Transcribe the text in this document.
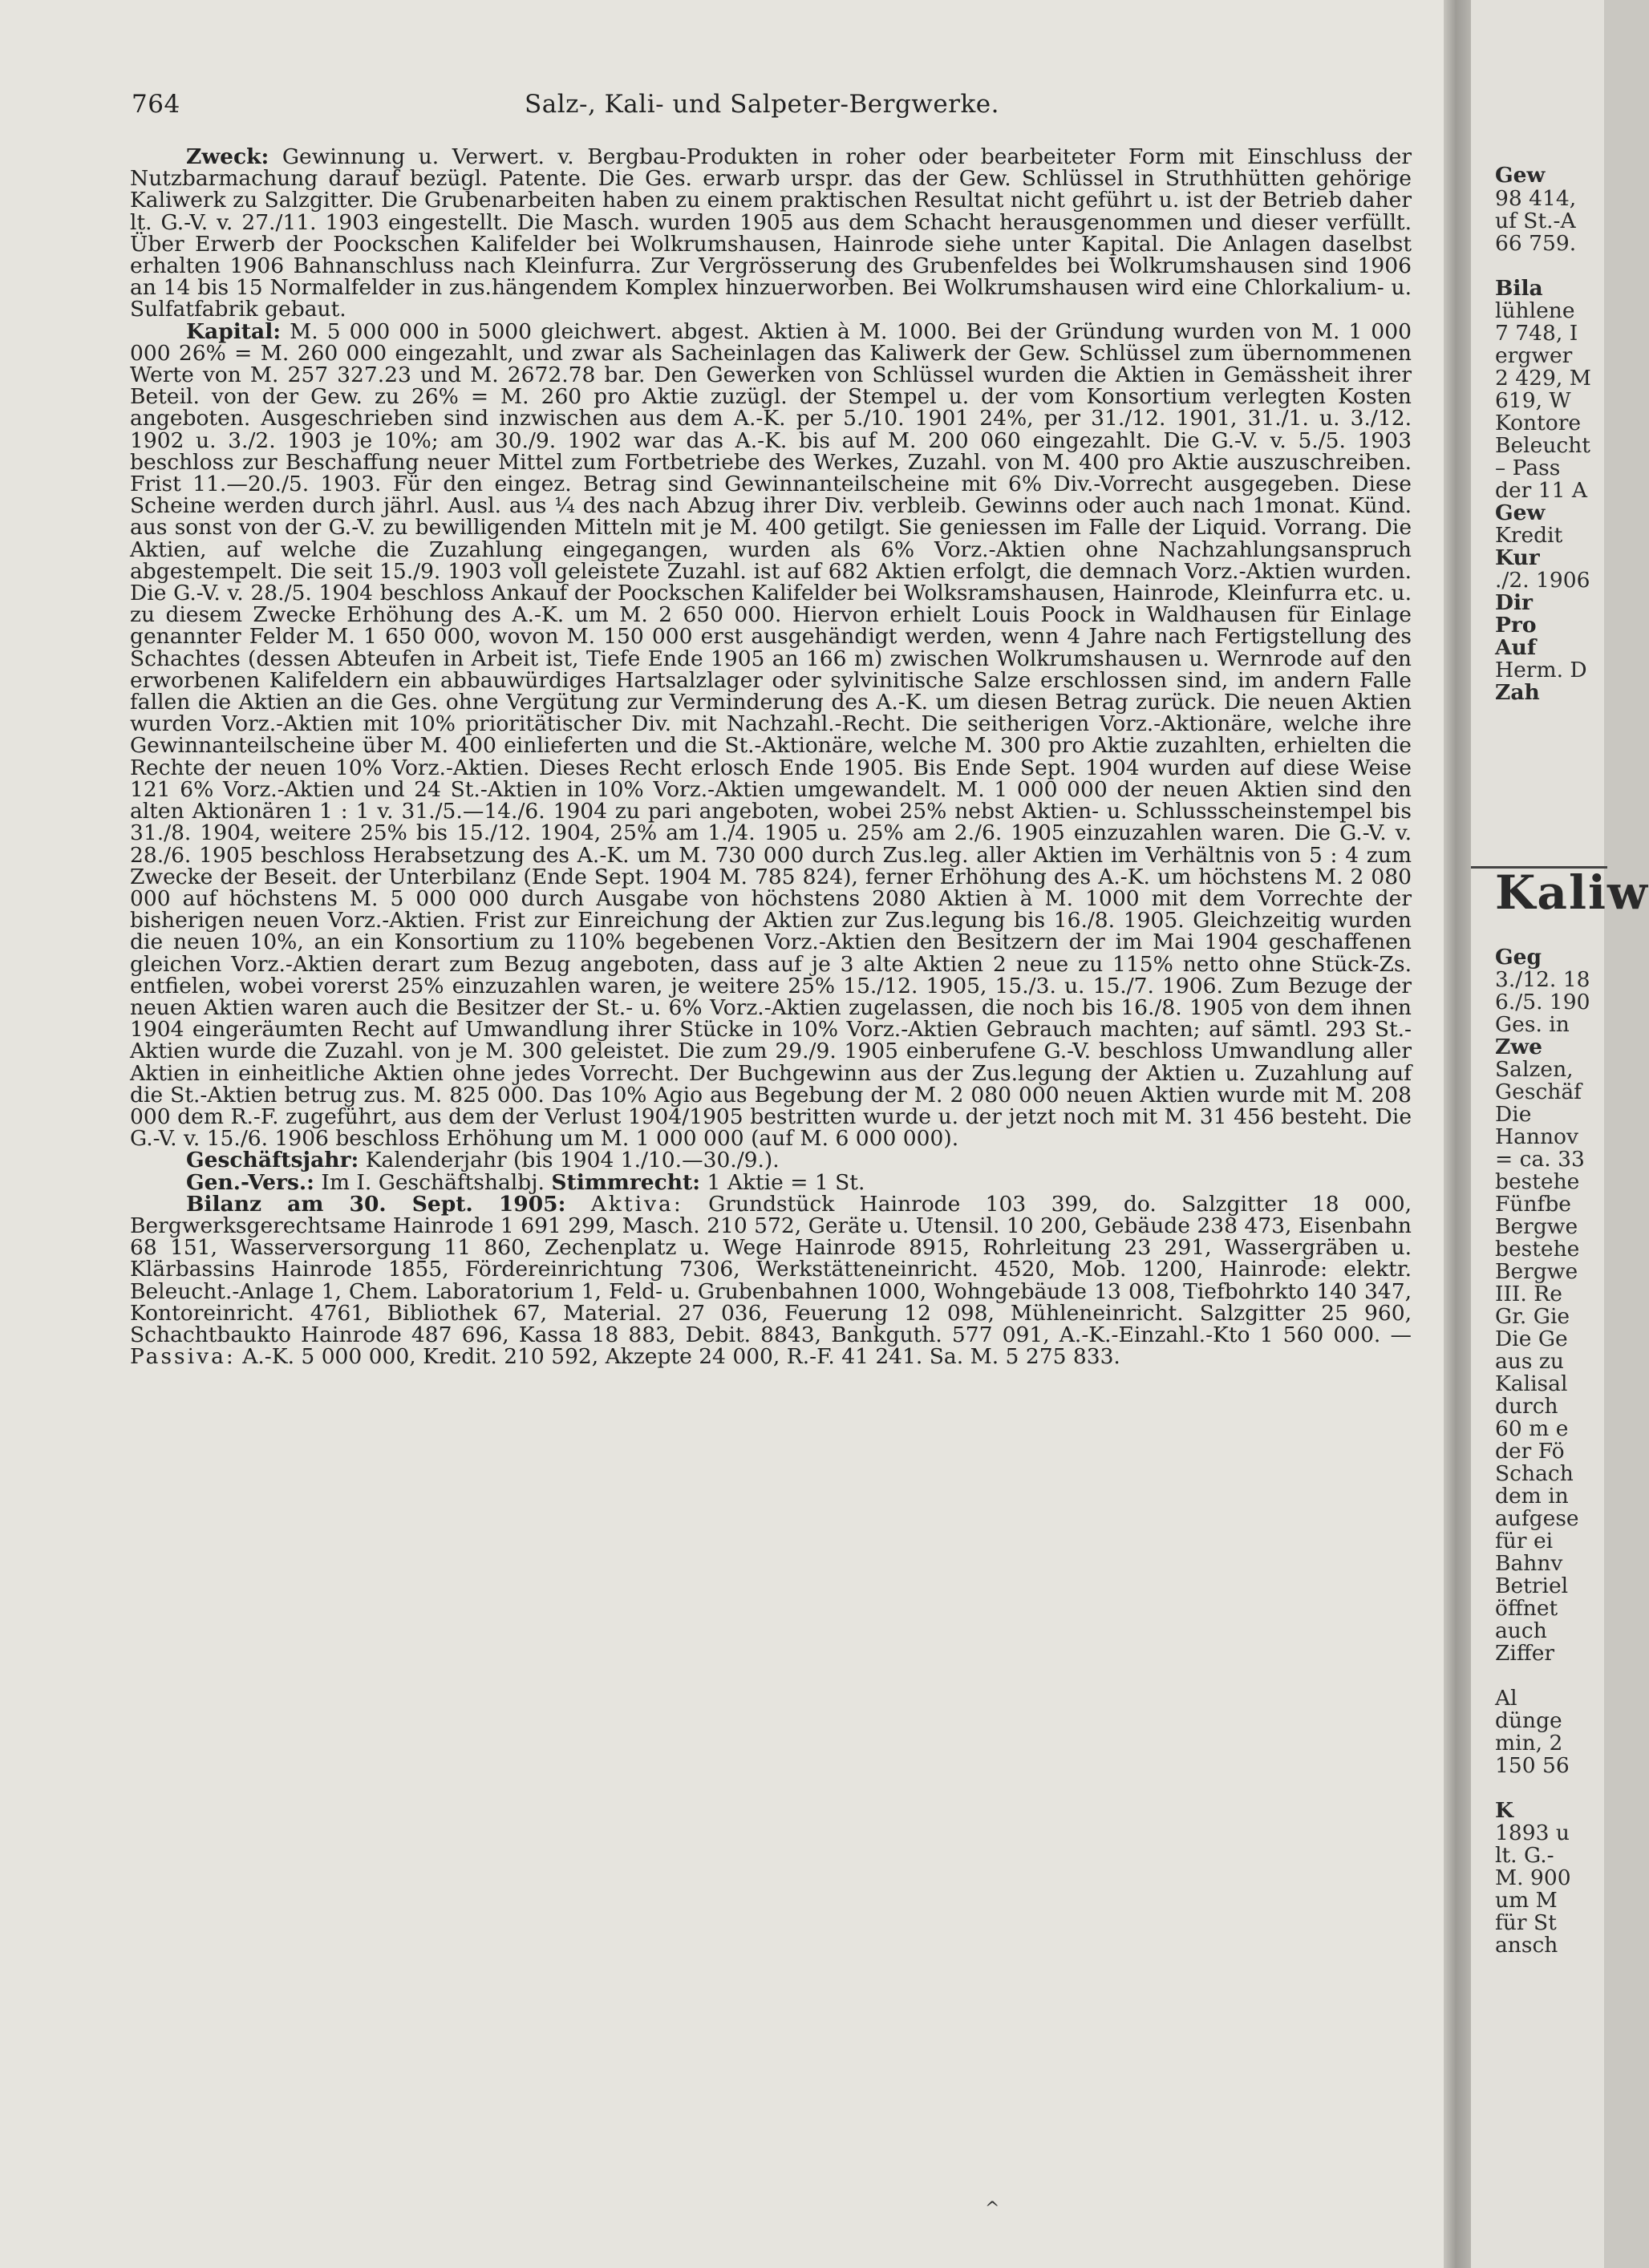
764	Salz-, Kali- und Salpeter-Bergwerke.

Zweck: Gewinnung u. Verwert. v. Bergbau-Produkten in roher oder bearbeiteter Form mit Einschluss der Nutzbarmachung darauf bezügl. Patente. Die Ges. erwarb urspr. das der Gew. Schlüssel in Struthhütten gehörige Kaliwerk zu Salzgitter. Die Grubenarbeiten haben zu einem praktischen Resultat nicht geführt u. ist der Betrieb daher lt. G.-V. v. 27./11. 1903 eingestellt. Die Masch. wurden 1905 aus dem Schacht herausgenommen und dieser verfüllt. Über Erwerb der Poockschen Kalifelder bei Wolkrumshausen, Hainrode siehe unter Kapital. Die Anlagen daselbst erhalten 1906 Bahnanschluss nach Kleinfurra. Zur Vergrösserung des Grubenfeldes bei Wolkrumshausen sind 1906 an 14 bis 15 Normalfelder in zus.hängendem Komplex hinzuerworben. Bei Wolkrumshausen wird eine Chlorkalium- u. Sulfatfabrik gebaut.

Kapital: M. 5 000 000 in 5000 gleichwert. abgest. Aktien à M. 1000. Bei der Gründung wurden von M. 1 000 000 26% = M. 260 000 eingezahlt, und zwar als Sacheinlagen das Kaliwerk der Gew. Schlüssel zum übernommenen Werte von M. 257 327.23 und M. 2672.78 bar. Den Gewerken von Schlüssel wurden die Aktien in Gemässheit ihrer Beteil. von der Gew. zu 26% = M. 260 pro Aktie zuzügl. der Stempel u. der vom Konsortium verlegten Kosten angeboten. Ausgeschrieben sind inzwischen aus dem A.-K. per 5./10. 1901 24%, per 31./12. 1901, 31./1. u. 3./12. 1902 u. 3./2. 1903 je 10%; am 30./9. 1902 war das A.-K. bis auf M. 200 060 eingezahlt. Die G.-V. v. 5./5. 1903 beschloss zur Beschaffung neuer Mittel zum Fortbetriebe des Werkes, Zuzahl. von M. 400 pro Aktie auszuschreiben. Frist 11.—20./5. 1903. Für den eingez. Betrag sind Gewinnanteilscheine mit 6% Div.-Vorrecht ausgegeben. Diese Scheine werden durch jährl. Ausl. aus ¼ des nach Abzug ihrer Div. verbleib. Gewinns oder auch nach 1monat. Künd. aus sonst von der G.-V. zu bewilligenden Mitteln mit je M. 400 getilgt. Sie geniessen im Falle der Liquid. Vorrang. Die Aktien, auf welche die Zuzahlung eingegangen, wurden als 6% Vorz.-Aktien ohne Nachzahlungsanspruch abgestempelt. Die seit 15./9. 1903 voll geleistete Zuzahl. ist auf 682 Aktien erfolgt, die demnach Vorz.-Aktien wurden. Die G.-V. v. 28./5. 1904 beschloss Ankauf der Poockschen Kalifelder bei Wolksramshausen, Hainrode, Kleinfurra etc. u. zu diesem Zwecke Erhöhung des A.-K. um M. 2 650 000. Hiervon erhielt Louis Poock in Waldhausen für Einlage genannter Felder M. 1 650 000, wovon M. 150 000 erst ausgehändigt werden, wenn 4 Jahre nach Fertigstellung des Schachtes (dessen Abteufen in Arbeit ist, Tiefe Ende 1905 an 166 m) zwischen Wolkrumshausen u. Wernrode auf den erworbenen Kalifeldern ein abbauwürdiges Hartsalzlager oder sylvinitische Salze erschlossen sind, im andern Falle fallen die Aktien an die Ges. ohne Vergütung zur Verminderung des A.-K. um diesen Betrag zurück. Die neuen Aktien wurden Vorz.-Aktien mit 10% prioritätischer Div. mit Nachzahl.-Recht. Die seitherigen Vorz.-Aktionäre, welche ihre Gewinnanteilscheine über M. 400 einlieferten und die St.-Aktionäre, welche M. 300 pro Aktie zuzahlten, erhielten die Rechte der neuen 10% Vorz.-Aktien. Dieses Recht erlosch Ende 1905. Bis Ende Sept. 1904 wurden auf diese Weise 121 6% Vorz.-Aktien und 24 St.-Aktien in 10% Vorz.-Aktien umgewandelt. M. 1 000 000 der neuen Aktien sind den alten Aktionären 1 : 1 v. 31./5.—14./6. 1904 zu pari angeboten, wobei 25% nebst Aktien- u. Schlussscheinstempel bis 31./8. 1904, weitere 25% bis 15./12. 1904, 25% am 1./4. 1905 u. 25% am 2./6. 1905 einzuzahlen waren. Die G.-V. v. 28./6. 1905 beschloss Herabsetzung des A.-K. um M. 730 000 durch Zus.leg. aller Aktien im Verhältnis von 5 : 4 zum Zwecke der Beseit. der Unterbilanz (Ende Sept. 1904 M. 785 824), ferner Erhöhung des A.-K. um höchstens M. 2 080 000 auf höchstens M. 5 000 000 durch Ausgabe von höchstens 2080 Aktien à M. 1000 mit dem Vorrechte der bisherigen neuen Vorz.-Aktien. Frist zur Einreichung der Aktien zur Zus.legung bis 16./8. 1905. Gleichzeitig wurden die neuen 10%, an ein Konsortium zu 110% begebenen Vorz.-Aktien den Besitzern der im Mai 1904 geschaffenen gleichen Vorz.-Aktien derart zum Bezug angeboten, dass auf je 3 alte Aktien 2 neue zu 115% netto ohne Stück-Zs. entfielen, wobei vorerst 25% einzuzahlen waren, je weitere 25% 15./12. 1905, 15./3. u. 15./7. 1906. Zum Bezuge der neuen Aktien waren auch die Besitzer der St.- u. 6% Vorz.-Aktien zugelassen, die noch bis 16./8. 1905 von dem ihnen 1904 eingeräumten Recht auf Umwandlung ihrer Stücke in 10% Vorz.-Aktien Gebrauch machten; auf sämtl. 293 St.-Aktien wurde die Zuzahl. von je M. 300 geleistet. Die zum 29./9. 1905 einberufene G.-V. beschloss Umwandlung aller Aktien in einheitliche Aktien ohne jedes Vorrecht. Der Buchgewinn aus der Zus.legung der Aktien u. Zuzahlung auf die St.-Aktien betrug zus. M. 825 000. Das 10% Agio aus Begebung der M. 2 080 000 neuen Aktien wurde mit M. 208 000 dem R.-F. zugeführt, aus dem der Verlust 1904/1905 bestritten wurde u. der jetzt noch mit M. 31 456 besteht. Die G.-V. v. 15./6. 1906 beschloss Erhöhung um M. 1 000 000 (auf M. 6 000 000).

Geschäftsjahr: Kalenderjahr (bis 1904 1./10.—30./9.).

Gen.-Vers.: Im I. Geschäftshalbj. Stimmrecht: 1 Aktie = 1 St.

Bilanz am 30. Sept. 1905: Aktiva: Grundstück Hainrode 103 399, do. Salzgitter 18 000, Bergwerksgerechtsame Hainrode 1 691 299, Masch. 210 572, Geräte u. Utensil. 10 200, Gebäude 238 473, Eisenbahn 68 151, Wasserversorgung 11 860, Zechenplatz u. Wege Hainrode 8915, Rohrleitung 23 291, Wassergräben u. Klärbassins Hainrode 1855, Fördereinrichtung 7306, Werkstätteneinricht. 4520, Mob. 1200, Hainrode: elektr. Beleucht.-Anlage 1, Chem. Laboratorium 1, Feld- u. Grubenbahnen 1000, Wohngebäude 13 008, Tiefbohrkto 140 347, Kontoreinricht. 4761, Bibliothek 67, Material. 27 036, Feuerung 12 098, Mühleneinricht. Salzgitter 25 960, Schachtbaukto Hainrode 487 696, Kassa 18 883, Debit. 8843, Bankguth. 577 091, A.-K.-Einzahl.-Kto 1 560 000. — Passiva: A.-K. 5 000 000, Kredit. 210 592, Akzepte 24 000, R.-F. 41 241. Sa. M. 5 275 833.

^
Gew
98 414,
uf St.-A
66 759.
Bila
lühlene
7 748, I
ergwer
2 429, M
619, W
Kontore
Beleucht
– Pass
der 11 A
Gew
Kredit
Kur
./2. 1906
Dir
Pro
Auf
Herm. D
Zah
Kaliw
Geg
3./12. 18
6./5. 190
Ges. in
Zwe
Salzen,
Geschäf
Die
Hannov
= ca. 33
bestehe
Fünfbe
Bergwe
bestehe
Bergwe
III. Re
Gr. Gie
Die Ge
aus zu
Kalisal
durch
60 m e
der Fö
Schach
dem in
aufgese
für ei
Bahnv
Betriel
öffnet
auch
Ziffer
Al
dünge
min, 2
150 56
K
1893 u
lt. G.-
M. 900
um M
für St
ansch
